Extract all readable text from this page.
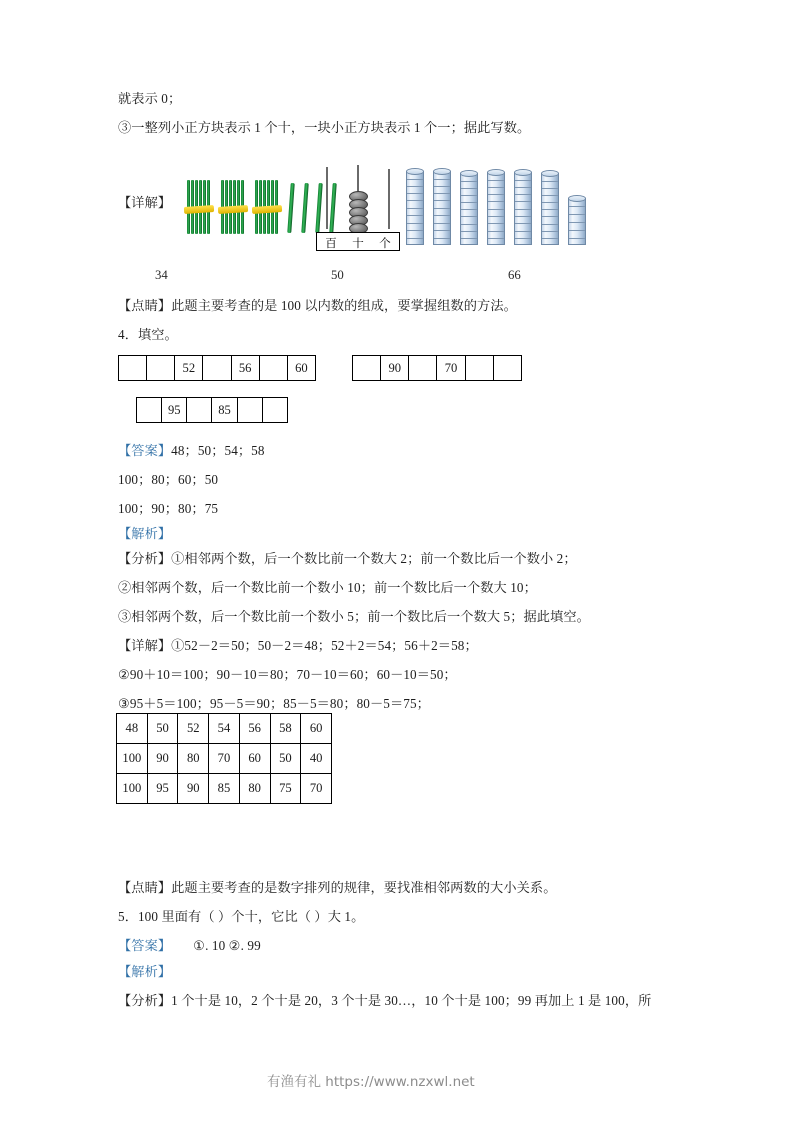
就表示 0；
③一整列小正方块表示 1 个十，一块小正方块表示 1 个一；据此写数。
【详解】
百	十	个
34	50	66
【点睛】此题主要考查的是 100 以内数的组成，要掌握组数的方法。
4．填空。
		52		56		60
		90		70		
	95		85		
【答案】48；50；54；58
100；80；60；50
100；90；80；75
【解析】
【分析】①相邻两个数，后一个数比前一个数大 2；前一个数比后一个数小 2；
②相邻两个数，后一个数比前一个数小 10；前一个数比后一个数大 10；
③相邻两个数，后一个数比前一个数小 5；前一个数比后一个数大 5；据此填空。
【详解】①52－2＝50；50－2＝48；52＋2＝54；56＋2＝58；
②90＋10＝100；90－10＝80；70－10＝60；60－10＝50；
③95＋5＝100；95－5＝90；85－5＝80；80－5＝75；
48	50	52	54	56	58	60
100	90	80	70	60	50	40
100	95	90	85	80	75	70
【点睛】此题主要考查的是数字排列的规律，要找准相邻两数的大小关系。
5．100 里面有（ ）个十，它比（ ）大 1。
【答案】 ①. 10 ②. 99
【解析】
【分析】1 个十是 10，2 个十是 20，3 个十是 30…，10 个十是 100；99 再加上 1 是 100，所
有渔有礼 https://www.nzxwl.net
